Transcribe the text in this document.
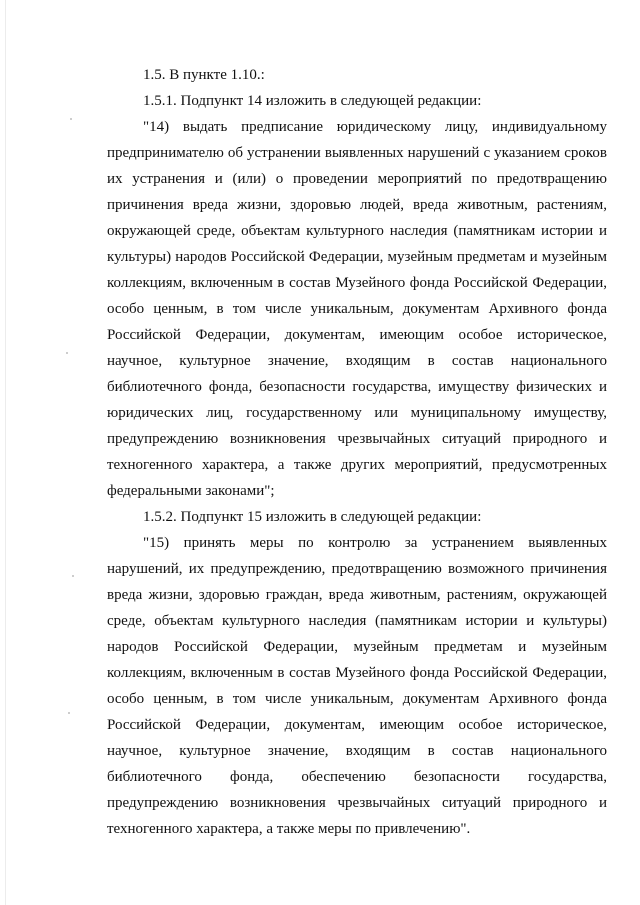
1.5. В пункте 1.10.:

1.5.1. Подпункт 14 изложить в следующей редакции:

"14) выдать предписание юридическому лицу, индивидуальному предпринимателю об устранении выявленных нарушений с указанием сроков их устранения и (или) о проведении мероприятий по предотвращению причинения вреда жизни, здоровью людей, вреда животным, растениям, окружающей среде, объектам культурного наследия (памятникам истории и культуры) народов Российской Федерации, музейным предметам и музейным коллекциям, включенным в состав Музейного фонда Российской Федерации, особо ценным, в том числе уникальным, документам Архивного фонда Российской Федерации, документам, имеющим особое историческое, научное, культурное значение, входящим в состав национального библиотечного фонда, безопасности государства, имуществу физических и юридических лиц, государственному или муниципальному имуществу, предупреждению возникновения чрезвычайных ситуаций природного и техногенного характера, а также других мероприятий, предусмотренных федеральными законами";

1.5.2. Подпункт 15 изложить в следующей редакции:

"15) принять меры по контролю за устранением выявленных нарушений, их предупреждению, предотвращению возможного причинения вреда жизни, здоровью граждан, вреда животным, растениям, окружающей среде, объектам культурного наследия (памятникам истории и культуры) народов Российской Федерации, музейным предметам и музейным коллекциям, включенным в состав Музейного фонда Российской Федерации, особо ценным, в том числе уникальным, документам Архивного фонда Российской Федерации, документам, имеющим особое историческое, научное, культурное значение, входящим в состав национального библиотечного фонда, обеспечению безопасности государства, предупреждению возникновения чрезвычайных ситуаций природного и техногенного характера, а также меры по привлечению".
